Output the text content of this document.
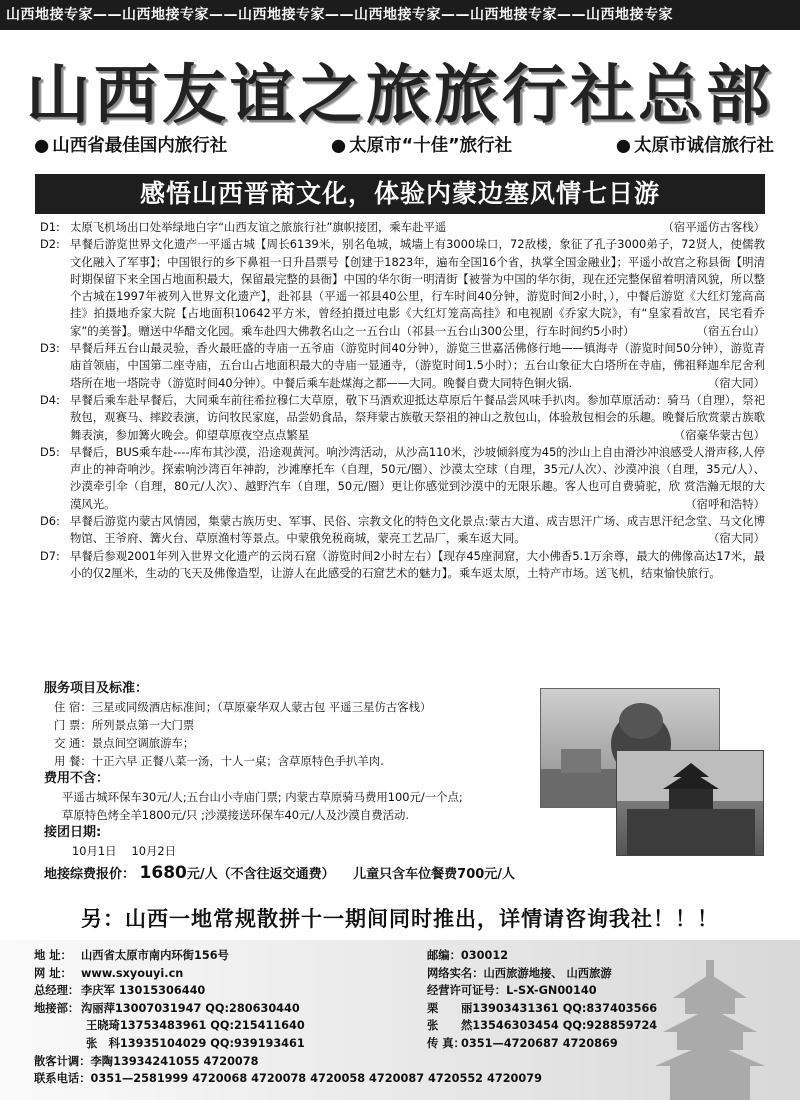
山西地接专家——山西地接专家——山西地接专家——山西地接专家——山西地接专家——山西地接专家
山西友谊之旅旅行社总部
● 山西省最佳国内旅行社	● 太原市“十佳”旅行社	● 太原市诚信旅行社
感悟山西晋商文化，体验内蒙边塞风情七日游
D1: 太原飞机场出口处举绿地白字“山西友谊之旅旅行社”旗帜接团，乘车赴平遥	（宿平遥仿古客栈）
D2: 早餐后游览世界文化遗产一平遥古城【周长6139米，别名龟城，城墙上有3000垛口，72敌楼，象征了孔子3000弟子，72贤人，使儒教文化融入了军事】；中国银行的乡下鼻祖一日升昌票号【创建于1823年，遍布全国16个省，执掌全国金融业】；平遥小故宫之称县衙【明清时期保留下来全国占地面积最大，保留最完整的县衙】中国的华尔街一明清街【被誉为中国的华尔街，现在还完整保留着明清风貌，所以整个古城在1997年被列入世界文化遗产】，赴祁县（平遥一祁县40公里，行车时间40分钟，游览时间2小时，），中餐后游览《大红灯笼高高挂》拍摄地乔家大院【占地面积10642平方米，曾经拍摄过电影《大红灯笼高高挂》和电视剧《乔家大院》，有“皇家看故宫，民宅看乔家”的美誉】。赠送中华醋文化园。乘车赴四大佛教名山之一五台山（祁县一五台山300公里，行车时间约5小时）	（宿五台山）
D3: 早餐后拜五台山最灵验，香火最旺盛的寺庙一五爷庙（游览时间40分钟），游览三世嘉活佛修行地——镇海寺（游览时间50分钟），游览青庙首领庙，中国第二座寺庙，五台山占地面积最大的寺庙一显通寺，（游览时间1.5小时）；五台山象征大白塔所在寺庙，佛祖释迦牟尼舍利塔所在地一塔院寺（游览时间40分钟）。中餐后乘车赴煤海之都——大同。晚餐自费大同特色铜火锅.	（宿大同）
D4: 早餐后乘车赴早餐后，大同乘车前往希拉穆仁大草原，敬下马酒欢迎抵达草原后午餐品尝风味手扒肉。参加草原活动：骑马（自理），祭祀敖包，观赛马、摔跤表演，访问牧民家庭，品尝奶食品，祭拜蒙古族敬天祭祖的神山之敖包山，体验敖包相会的乐趣。晚餐后欣赏蒙古族歌舞表演，参加篝火晚会。仰望草原夜空点点繁星	（宿豪华蒙古包）
D5: 早餐后，BUS乘车赴----库布其沙漠，沿途观黄河。响沙湾活动，从沙高110米，沙坡倾斜度为45的沙山上自由滑沙冲浪感受人滑声移,人停声止的神奇响沙。探索响沙湾百年神韵，沙滩摩托车（自理，50元/圈）、沙漠太空球（自理，35元/人次）、沙漠冲浪（自理，35元/人）、沙漠牵引伞（自理，80元/人次）、越野汽车（自理，50元/圈）更让你感觉到沙漠中的无限乐趣。客人也可自费骑驼，欣 赏浩瀚无垠的大漠风光。	（宿呼和浩特）
D6: 早餐后游览内蒙古风情园，集蒙古族历史、军事、民俗、宗教文化的特色文化景点:蒙古大道、成吉思汗广场、成吉思汗纪念堂、马文化博物馆、王爷府、篝火台、草原渔村等景点。中蒙俄免税商城，蒙亮工艺品厂，乘车返大同。	（宿大同）
D7: 早餐后参观2001年列入世界文化遗产的云岗石窟（游览时间2小时左右）【现存45座洞窟，大小佛香5.1万余尊，最大的佛像高达17米，最小的仅2厘米，生动的飞天及佛像造型，让游人在此感受的石窟艺术的魅力】。乘车返太原，土特产市场。送飞机，结束愉快旅行。
服务项目及标准：
住 宿：三星或同级酒店标准间；（草原豪华双人蒙古包 平遥三星仿古客栈）
门 票：所列景点第一大门票
交 通：景点间空调旅游车；
用 餐：十正六早 正餐八菜一汤，十人一桌；含草原特色手扒羊肉.
费用不含：
平遥古城环保车30元/人;五台山小寺庙门票; 内蒙古草原骑马费用100元/一个点;
草原特色烤全羊1800元/只 ;沙漠接送环保车40元/人及沙漠自费活动.
接团日期:
10月1日　 10月2日
地接综费报价： 1680元/人（不含往返交通费） 儿童只含车位餐费700元/人
另：山西一地常规散拼十一期间同时推出，详情请咨询我社！！！
地 址： 山西省太原市南内环街156号
网 址： www.sxyouyi.cn
总经理： 李庆军 13015306440
地接部： 沟丽萍13007031947 QQ:280630440
王晓琦13753483961 QQ:215411640
张　科13935104029 QQ:939193461
散客计调：李陶13934241055 4720078
联系电话：0351—2581999 4720068 4720078 4720058 4720087 4720552 4720079
邮编：030012
网络实名：山西旅游地接、 山西旅游
经营许可证号：L-SX-GN00140
栗 丽13903431361 QQ:837403566
张 然13546303454 QQ:928859724
传 真：0351—4720687 4720869
